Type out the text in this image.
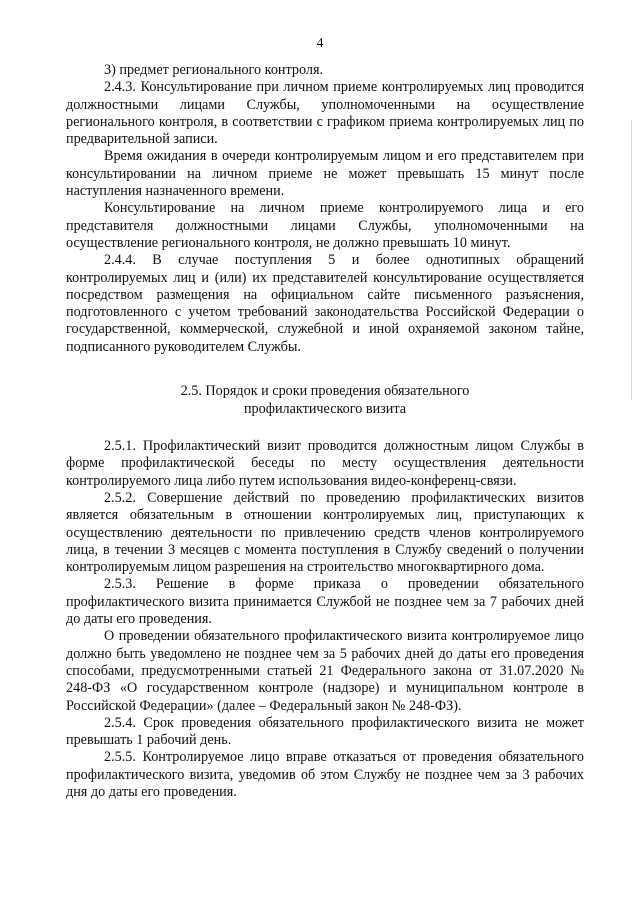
4

3) предмет регионального контроля.

2.4.3. Консультирование при личном приеме контролируемых лиц проводится должностными лицами Службы, уполномоченными на осуществление регионального контроля, в соответствии с графиком приема контролируемых лиц по предварительной записи.

Время ожидания в очереди контролируемым лицом и его представителем при консультировании на личном приеме не может превышать 15 минут после наступления назначенного времени.

Консультирование на личном приеме контролируемого лица и его представителя должностными лицами Службы, уполномоченными на осуществление регионального контроля, не должно превышать 10 минут.

2.4.4. В случае поступления 5 и более однотипных обращений контролируемых лиц и (или) их представителей консультирование осуществляется посредством размещения на официальном сайте письменного разъяснения, подготовленного с учетом требований законодательства Российской Федерации о государственной, коммерческой, служебной и иной охраняемой законом тайне, подписанного руководителем Службы.

2.5. Порядок и сроки проведения обязательного
профилактического визита

2.5.1. Профилактический визит проводится должностным лицом Службы в форме профилактической беседы по месту осуществления деятельности контролируемого лица либо путем использования видео-конференц-связи.

2.5.2. Совершение действий по проведению профилактических визитов является обязательным в отношении контролируемых лиц, приступающих к осуществлению деятельности по привлечению средств членов контролируемого лица, в течении 3 месяцев с момента поступления в Службу сведений о получении контролируемым лицом разрешения на строительство многоквартирного дома.

2.5.3. Решение в форме приказа о проведении обязательного профилактического визита принимается Службой не позднее чем за 7 рабочих дней до даты его проведения.

О проведении обязательного профилактического визита контролируемое лицо должно быть уведомлено не позднее чем за 5 рабочих дней до даты его проведения способами, предусмотренными статьей 21 Федерального закона от 31.07.2020 № 248-ФЗ «О государственном контроле (надзоре) и муниципальном контроле в Российской Федерации» (далее – Федеральный закон № 248-ФЗ).

2.5.4. Срок проведения обязательного профилактического визита не может превышать 1 рабочий день.

2.5.5. Контролируемое лицо вправе отказаться от проведения обязательного профилактического визита, уведомив об этом Службу не позднее чем за 3 рабочих дня до даты его проведения.
